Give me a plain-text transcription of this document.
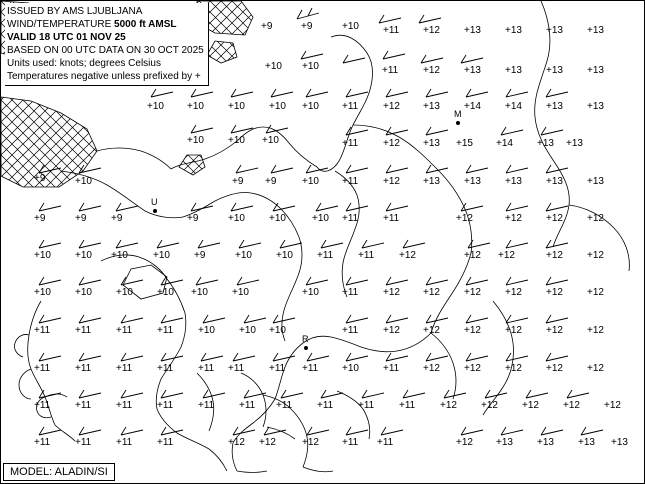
ISSUED BY AMS LJUBLJANA
WIND/TEMPERATURE 5000 ft AMSL
VALID 18 UTC 01 NOV 25
BASED ON 00 UTC DATA ON 30 OCT 2025
Units used: knots; degrees Celsius
Temperatures negative unless prefixed by +
MODEL: ALADIN/SI
+9	+9	+10 +11 +12 +13 +13 +13 +13
+10 +10	+11 +12 +13 +13 +13 +13
+10 +10 +10 +10 +10 +11 +12 +13 +14 +14 +13 +13
+10 +10 +10	+11 +12 +13 +15 +14 +13 +13
+9	+10	+9 +9	+10 +11 +12 +13 +13 +13 +13 +13
+9	+9 +9	+9	+10 +10	+10 +11 +11	+12	+12 +12 +12
+10 +10 +10	+10 +9	+10 +10 +11 +11 +12	+12 +12	+12 +12
+10 +10 +10 +10 +10 +10	+10 +11 +12 +12 +12 +12 +12 +12
+11 +11 +11 +11 +10 +10 +10	+11 +12 +12 +12 +12 +12 +12
+11 +11 +11 +11 +11 +11 +11 +11 +10 +11 +12 +12 +12 +12 +12
+11 +11 +11 +11 +11 +11 +11 +11 +11 +11 +12 +12 +12 +12 +12
+11 +11 +11 +11	+12 +12	+12 +11 +11	+12 +13 +13 +13 +13
M
U
R
